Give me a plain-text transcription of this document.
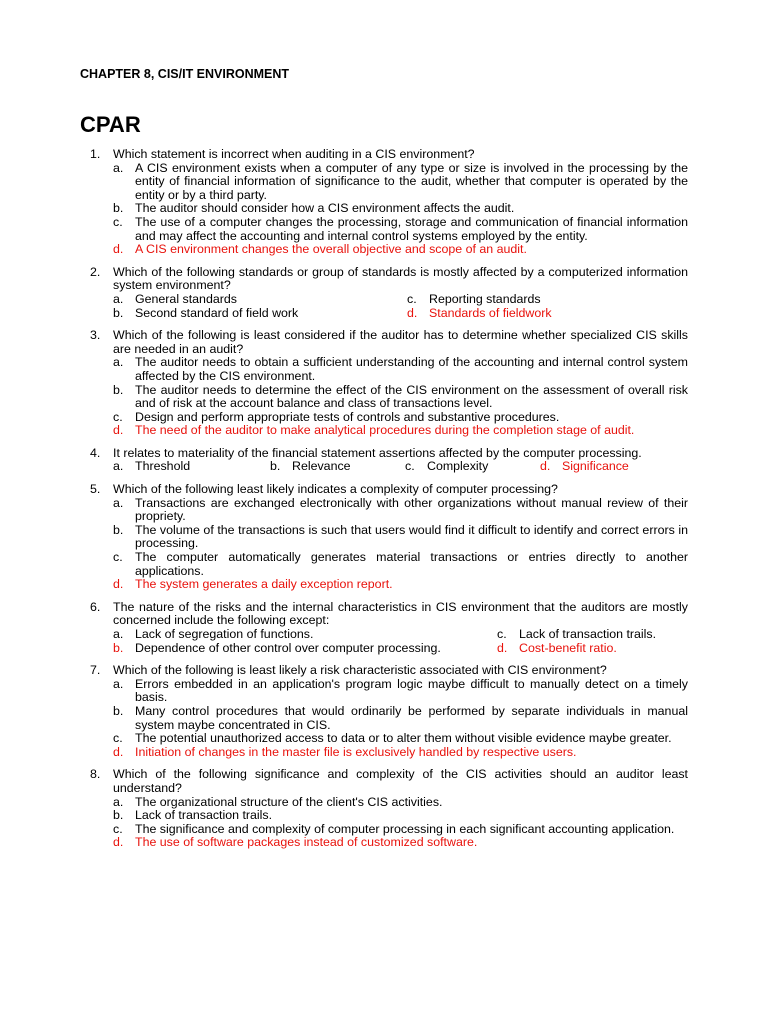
CHAPTER 8, CIS/IT ENVIRONMENT
CPAR
1. Which statement is incorrect when auditing in a CIS environment?
a. A CIS environment exists when a computer of any type or size is involved in the processing by the entity of financial information of significance to the audit, whether that computer is operated by the entity or by a third party.
b. The auditor should consider how a CIS environment affects the audit.
c. The use of a computer changes the processing, storage and communication of financial information and may affect the accounting and internal control systems employed by the entity.
d. A CIS environment changes the overall objective and scope of an audit.
2. Which of the following standards or group of standards is mostly affected by a computerized information system environment?
a. General standards	c. Reporting standards
b. Second standard of field work	d. Standards of fieldwork
3. Which of the following is least considered if the auditor has to determine whether specialized CIS skills are needed in an audit?
a. The auditor needs to obtain a sufficient understanding of the accounting and internal control system affected by the CIS environment.
b. The auditor needs to determine the effect of the CIS environment on the assessment of overall risk and of risk at the account balance and class of transactions level.
c. Design and perform appropriate tests of controls and substantive procedures.
d. The need of the auditor to make analytical procedures during the completion stage of audit.
4. It relates to materiality of the financial statement assertions affected by the computer processing.
a. Threshold	b. Relevance	c. Complexity	d. Significance
5. Which of the following least likely indicates a complexity of computer processing?
a. Transactions are exchanged electronically with other organizations without manual review of their propriety.
b. The volume of the transactions is such that users would find it difficult to identify and correct errors in processing.
c. The computer automatically generates material transactions or entries directly to another applications.
d. The system generates a daily exception report.
6. The nature of the risks and the internal characteristics in CIS environment that the auditors are mostly concerned include the following except:
a. Lack of segregation of functions.	c. Lack of transaction trails.
b. Dependence of other control over computer processing.	d. Cost-benefit ratio.
7. Which of the following is least likely a risk characteristic associated with CIS environment?
a. Errors embedded in an application's program logic maybe difficult to manually detect on a timely basis.
b. Many control procedures that would ordinarily be performed by separate individuals in manual system maybe concentrated in CIS.
c. The potential unauthorized access to data or to alter them without visible evidence maybe greater.
d. Initiation of changes in the master file is exclusively handled by respective users.
8. Which of the following significance and complexity of the CIS activities should an auditor least understand?
a. The organizational structure of the client's CIS activities.
b. Lack of transaction trails.
c. The significance and complexity of computer processing in each significant accounting application.
d. The use of software packages instead of customized software.
